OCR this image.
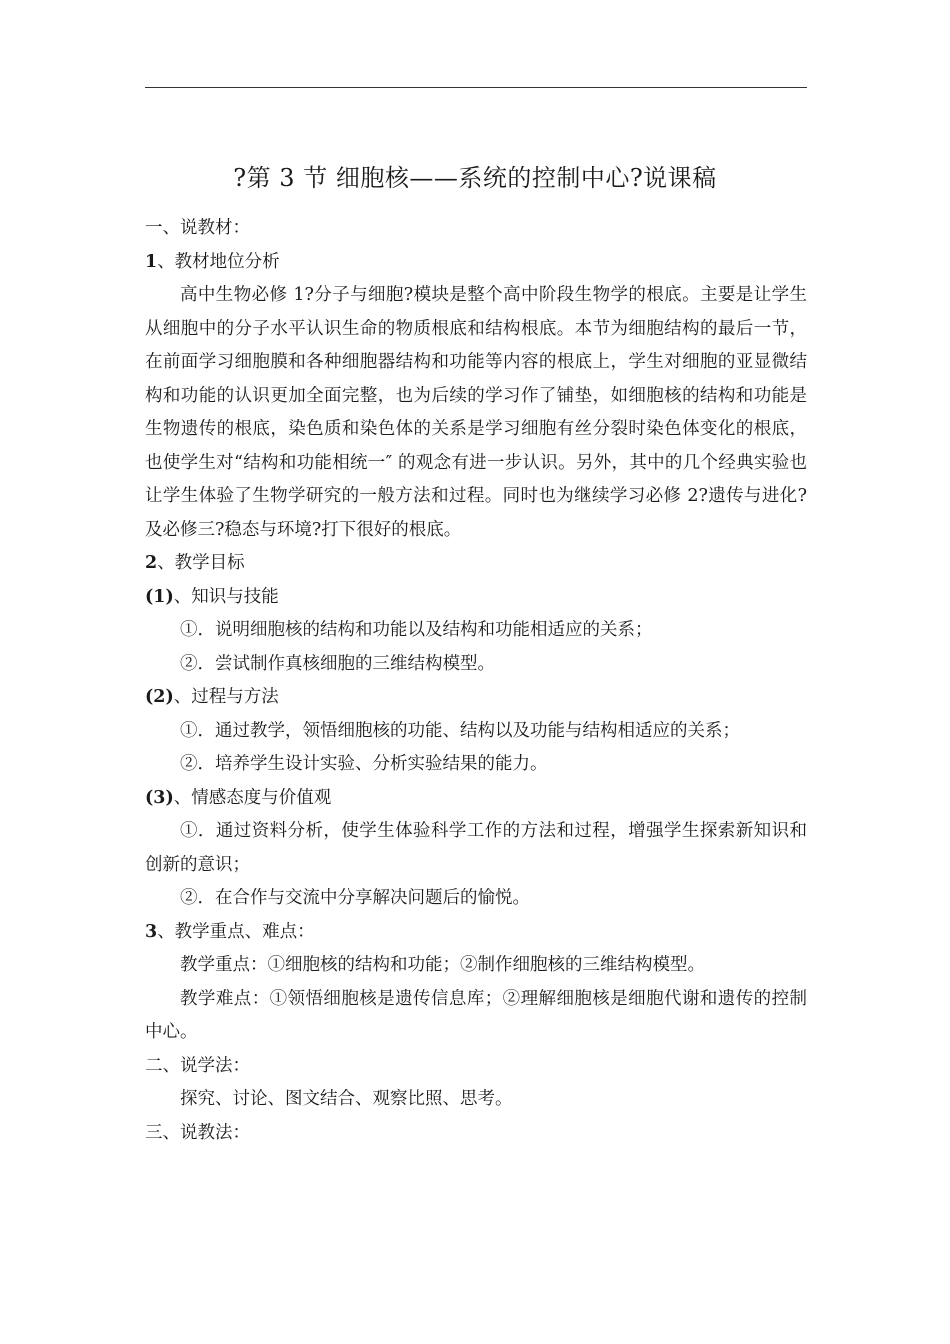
?第 3 节 细胞核——系统的控制中心?说课稿

一、说教材：

1、教材地位分析

高中生物必修 1?分子与细胞?模块是整个高中阶段生物学的根底。主要是让学生从细胞中的分子水平认识生命的物质根底和结构根底。本节为细胞结构的最后一节，在前面学习细胞膜和各种细胞器结构和功能等内容的根底上，学生对细胞的亚显微结构和功能的认识更加全面完整，也为后续的学习作了铺垫，如细胞核的结构和功能是生物遗传的根底，染色质和染色体的关系是学习细胞有丝分裂时染色体变化的根底，也使学生对“结构和功能相统一″ 的观念有进一步认识。另外，其中的几个经典实验也让学生体验了生物学研究的一般方法和过程。同时也为继续学习必修 2?遗传与进化?及必修三?稳态与环境?打下很好的根底。

2、教学目标

(1)、知识与技能

①．说明细胞核的结构和功能以及结构和功能相适应的关系；

②．尝试制作真核细胞的三维结构模型。

(2)、过程与方法

①．通过教学，领悟细胞核的功能、结构以及功能与结构相适应的关系；

②．培养学生设计实验、分析实验结果的能力。

(3)、情感态度与价值观

①．通过资料分析，使学生体验科学工作的方法和过程，增强学生探索新知识和创新的意识；

②．在合作与交流中分享解决问题后的愉悦。

3、教学重点、难点：

教学重点：①细胞核的结构和功能；②制作细胞核的三维结构模型。

教学难点：①领悟细胞核是遗传信息库；②理解细胞核是细胞代谢和遗传的控制中心。

二、说学法：

探究、讨论、图文结合、观察比照、思考。

三、说教法：
